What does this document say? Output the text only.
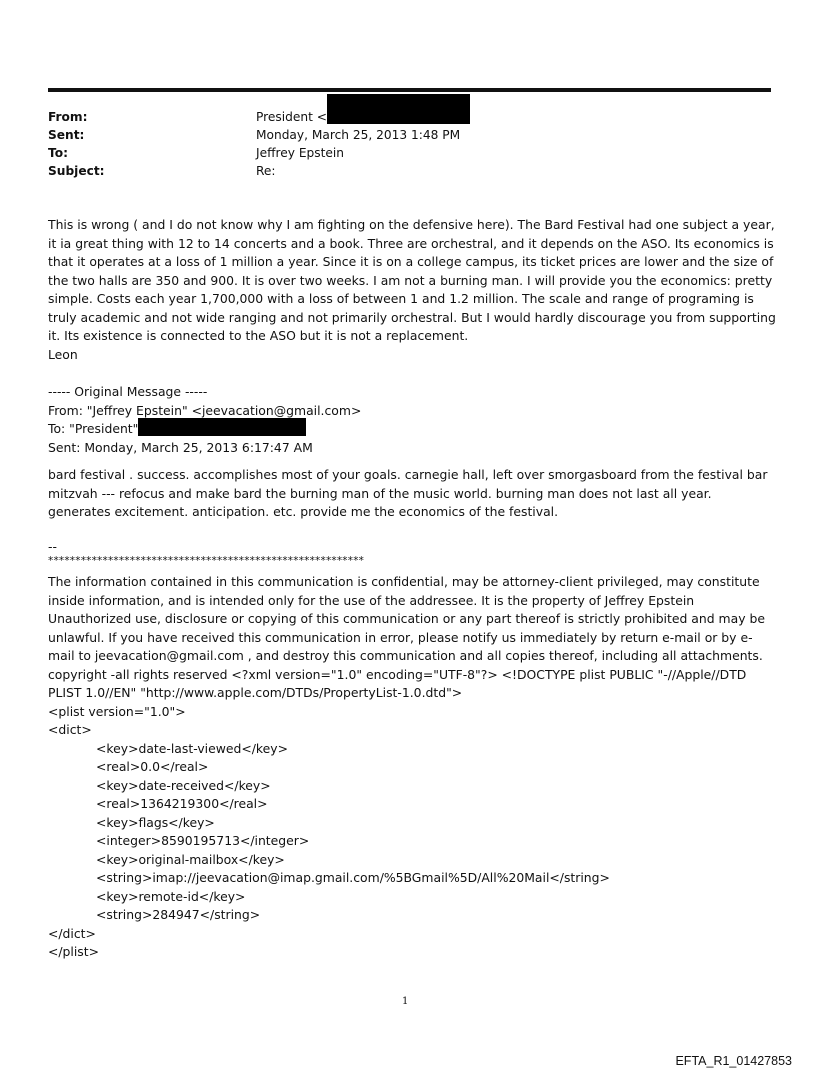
From:	President <
Sent:	Monday, March 25, 2013 1:48 PM
To:	Jeffrey Epstein
Subject:	Re:

This is wrong ( and I do not know why I am fighting on the defensive here). The Bard Festival had one subject a year, it ia great thing with 12 to 14 concerts and a book. Three are orchestral, and it depends on the ASO. Its economics is that it operates at a loss of 1 million a year. Since it is on a college campus, its ticket prices are lower and the size of the two halls are 350 and 900. It is over two weeks. I am not a burning man. I will provide you the economics: pretty simple. Costs each year 1,700,000 with a loss of between 1 and 1.2 million. The scale and range of programing is truly academic and not wide ranging and not primarily orchestral. But I would hardly discourage you from supporting it. Its existence is connected to the ASO but it is not a replacement.

Leon

----- Original Message -----

From: "Jeffrey Epstein" <jeevacation@gmail.com>

To: "President"

Sent: Monday, March 25, 2013 6:17:47 AM

bard festival . success. accomplishes most of your goals. carnegie hall, left over smorgasboard from the festival bar mitzvah --- refocus and make bard the burning man of the music world. burning man does not last all year. generates excitement. anticipation. etc. provide me the economics of the festival.

--

**********************************************************

The information contained in this communication is confidential, may be attorney-client privileged, may constitute inside information, and is intended only for the use of the addressee. It is the property of Jeffrey Epstein Unauthorized use, disclosure or copying of this communication or any part thereof is strictly prohibited and may be unlawful. If you have received this communication in error, please notify us immediately by return e-mail or by e-mail to jeevacation@gmail.com , and destroy this communication and all copies thereof, including all attachments. copyright -all rights reserved <?xml version="1.0" encoding="UTF-8"?> <!DOCTYPE plist PUBLIC "-//Apple//DTD PLIST 1.0//EN" "http://www.apple.com/DTDs/PropertyList-1.0.dtd">

<plist version="1.0">

<dict>

<key>date-last-viewed</key>

<real>0.0</real>

<key>date-received</key>

<real>1364219300</real>

<key>flags</key>

<integer>8590195713</integer>

<key>original-mailbox</key>

<string>imap://jeevacation@imap.gmail.com/%5BGmail%5D/All%20Mail</string>

<key>remote-id</key>

<string>284947</string>

</dict>

</plist>

1
EFTA_R1_01427853
